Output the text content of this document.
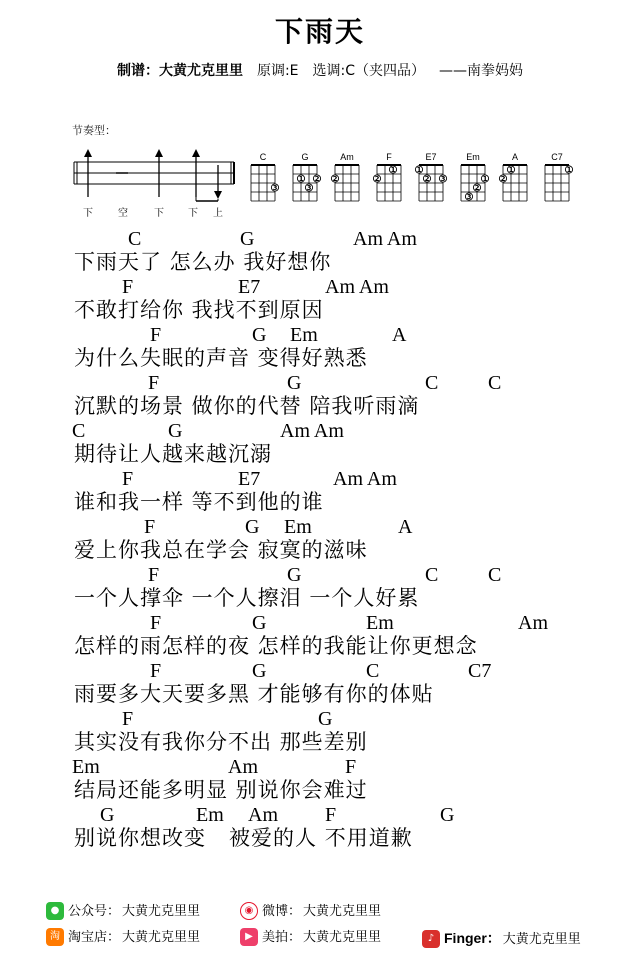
下雨天
制谱：大黄尤克里里 原调:E 选调:C（夹四品） ——南拳妈妈
节奏型：
下	空	下 下 上
C
3
G
1 2
3
Am
2
F
1
2
E7
1
2 3
Em
1
2
3
A
1
2
C7
1
C	G	Am Am
下雨天了 怎么办 我好想你
F	E7	Am Am
不敢打给你 我找不到原因
F	G Em	A
为什么失眠的声音 变得好熟悉
F	G	C C
沉默的场景 做你的代替 陪我听雨滴
C	G	Am Am
期待让人越来越沉溺
F	E7	Am Am
谁和我一样 等不到他的谁
F	G Em	A
爱上你我总在学会 寂寞的滋味
F	G	C C
一个人撑伞 一个人擦泪 一个人好累
F	G	Em	Am
怎样的雨怎样的夜 怎样的我能让你更想念
F	G	C	C7
雨要多大天要多黑 才能够有你的体贴
F	G
其实没有我你分不出 那些差别
Em	Am	F
结局还能多明显 别说你会难过
G	Em Am F	G
别说你想改变   被爱的人 不用道歉
● 公众号： 大黄尤克里里	◉ 微博： 大黄尤克里里
淘 淘宝店： 大黄尤克里里	▶ 美拍： 大黄尤克里里	♪ Finger： 大黄尤克里里
